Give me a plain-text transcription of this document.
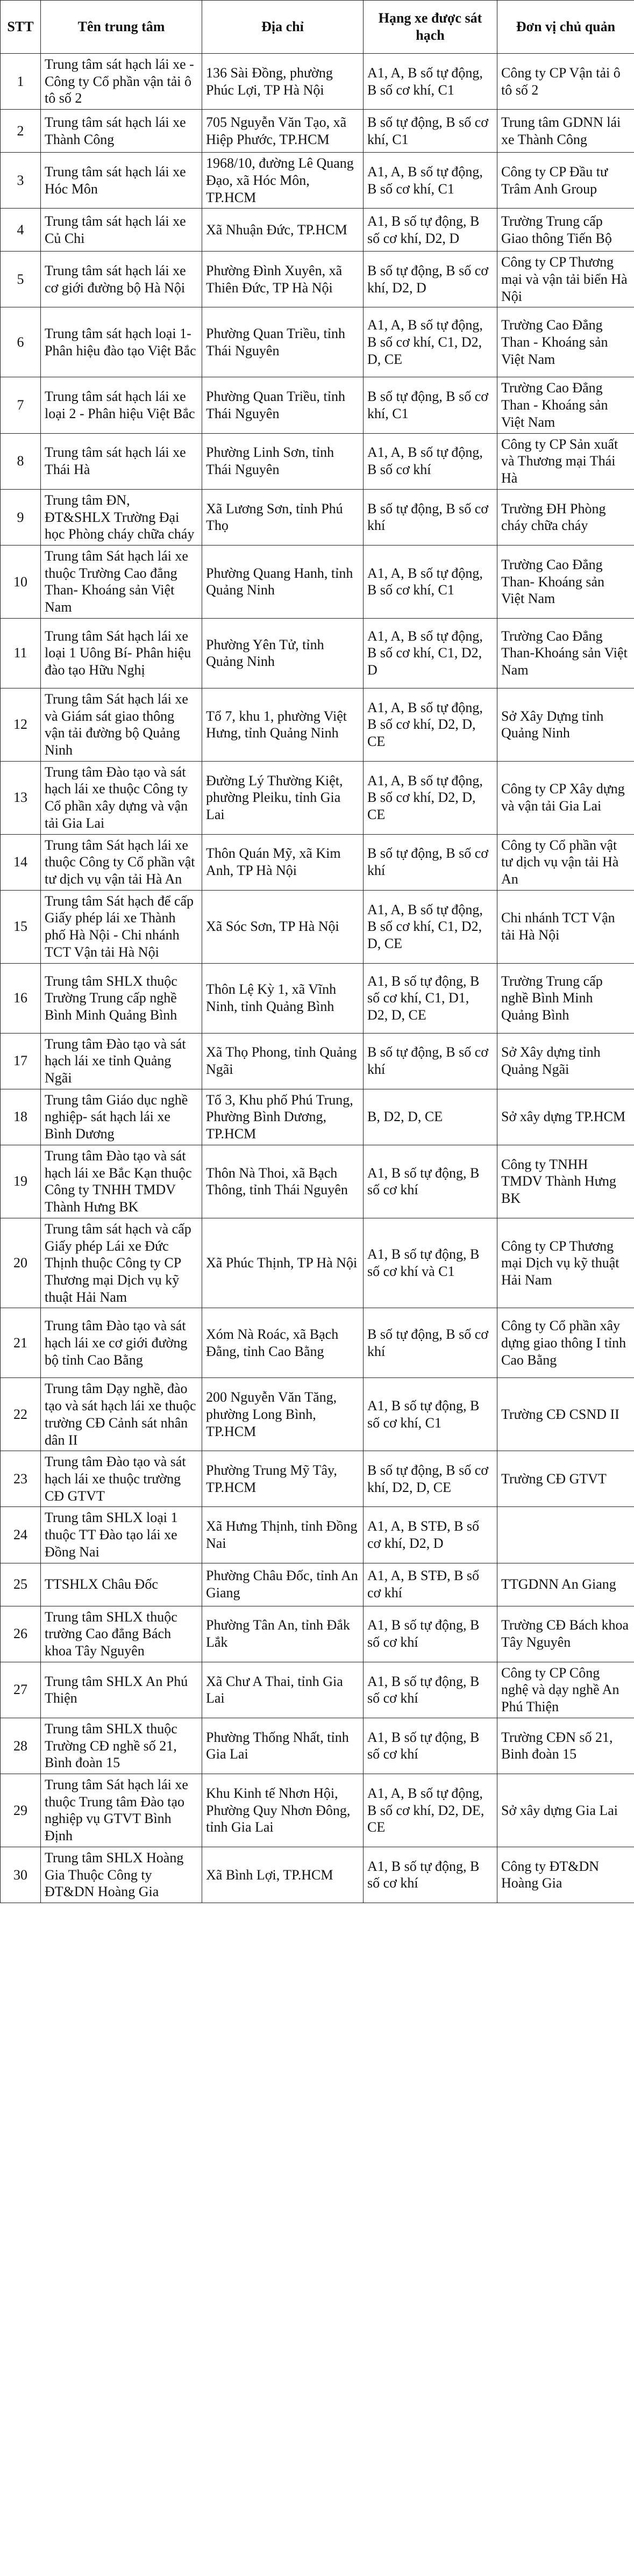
STT	Tên trung tâm	Địa chỉ	Hạng xe được sát hạch	Đơn vị chủ quản
1	Trung tâm sát hạch lái xe - Công ty Cổ phần vận tải ô tô số 2	136 Sài Đồng, phường Phúc Lợi, TP Hà Nội	A1, A, B số tự động, B số cơ khí, C1	Công ty CP Vận tải ô tô số 2
2	Trung tâm sát hạch lái xe Thành Công	705 Nguyễn Văn Tạo, xã Hiệp Phước, TP.HCM	B số tự động, B số cơ khí, C1	Trung tâm GDNN lái xe Thành Công
3	Trung tâm sát hạch lái xe Hóc Môn	1968/10, đường Lê Quang Đạo, xã Hóc Môn, TP.HCM	A1, A, B số tự động, B số cơ khí, C1	Công ty CP Đầu tư Trâm Anh Group
4	Trung tâm sát hạch lái xe Củ Chi	Xã Nhuận Đức, TP.HCM	A1, B số tự động, B số cơ khí, D2, D	Trường Trung cấp Giao thông Tiến Bộ
5	Trung tâm sát hạch lái xe cơ giới đường bộ Hà Nội	Phường Đình Xuyên, xã Thiên Đức, TP Hà Nội	B số tự động, B số cơ khí, D2, D	Công ty CP Thương mại và vận tải biển Hà Nội
6	Trung tâm sát hạch loại 1- Phân hiệu đào tạo Việt Bắc	Phường Quan Triều, tỉnh Thái Nguyên	A1, A, B số tự động, B số cơ khí, C1, D2, D, CE	Trường Cao Đẳng Than - Khoáng sản Việt Nam
7	Trung tâm sát hạch lái xe loại 2 - Phân hiệu Việt Bắc	Phường Quan Triều, tỉnh Thái Nguyên	B số tự động, B số cơ khí, C1	Trường Cao Đẳng Than - Khoáng sản Việt Nam
8	Trung tâm sát hạch lái xe Thái Hà	Phường Linh Sơn, tỉnh Thái Nguyên	A1, A, B số tự động, B số cơ khí	Công ty CP Sản xuất và Thương mại Thái Hà
9	Trung tâm ĐN, ĐT&SHLX Trường Đại học Phòng cháy chữa cháy	Xã Lương Sơn, tỉnh Phú Thọ	B số tự động, B số cơ khí	Trường ĐH Phòng cháy chữa cháy
10	Trung tâm Sát hạch lái xe thuộc Trường Cao đẳng Than- Khoáng sản Việt Nam	Phường Quang Hanh, tỉnh Quảng Ninh	A1, A, B số tự động, B số cơ khí, C1	Trường Cao Đẳng Than- Khoáng sản Việt Nam
11	Trung tâm Sát hạch lái xe loại 1 Uông Bí- Phân hiệu đào tạo Hữu Nghị	Phường Yên Tử, tỉnh Quảng Ninh	A1, A, B số tự động, B số cơ khí, C1, D2, D	Trường Cao Đẳng Than-Khoáng sản Việt Nam
12	Trung tâm Sát hạch lái xe và Giám sát giao thông vận tải đường bộ Quảng Ninh	Tổ 7, khu 1, phường Việt Hưng, tỉnh Quảng Ninh	A1, A, B số tự động, B số cơ khí, D2, D, CE	Sở Xây Dựng tỉnh Quảng Ninh
13	Trung tâm Đào tạo và sát hạch lái xe thuộc Công ty Cổ phần xây dựng và vận tải Gia Lai	Đường Lý Thường Kiệt, phường Pleiku, tỉnh Gia Lai	A1, A, B số tự động, B số cơ khí, D2, D, CE	Công ty CP Xây dựng và vận tải Gia Lai
14	Trung tâm Sát hạch lái xe thuộc Công ty Cổ phần vật tư dịch vụ vận tải Hà An	Thôn Quán Mỹ, xã Kim Anh, TP Hà Nội	B số tự động, B số cơ khí	Công ty Cổ phần vật tư dịch vụ vận tải Hà An
15	Trung tâm Sát hạch để cấp Giấy phép lái xe Thành phố Hà Nội - Chi nhánh TCT Vận tải Hà Nội	Xã Sóc Sơn, TP Hà Nội	A1, A, B số tự động, B số cơ khí, C1, D2, D, CE	Chi nhánh TCT Vận tải Hà Nội
16	Trung tâm SHLX thuộc Trường Trung cấp nghề Bình Minh Quảng Bình	Thôn Lệ Kỳ 1, xã Vĩnh Ninh, tỉnh Quảng Bình	A1, B số tự động, B số cơ khí, C1, D1, D2, D, CE	Trường Trung cấp nghề Bình Minh Quảng Bình
17	Trung tâm Đào tạo và sát hạch lái xe tỉnh Quảng Ngãi	Xã Thọ Phong, tỉnh Quảng Ngãi	B số tự động, B số cơ khí	Sở Xây dựng tỉnh Quảng Ngãi
18	Trung tâm Giáo dục nghề nghiệp- sát hạch lái xe Bình Dương	Tổ 3, Khu phố Phú Trung, Phường Bình Dương, TP.HCM	B, D2, D, CE	Sở xây dựng TP.HCM
19	Trung tâm Đào tạo và sát hạch lái xe Bắc Kạn thuộc Công ty TNHH TMDV Thành Hưng BK	Thôn Nà Thoi, xã Bạch Thông, tỉnh Thái Nguyên	A1, B số tự động, B số cơ khí	Công ty TNHH TMDV Thành Hưng BK
20	Trung tâm sát hạch và cấp Giấy phép Lái xe Đức Thịnh thuộc Công ty CP Thương mại Dịch vụ kỹ thuật Hải Nam	Xã Phúc Thịnh, TP Hà Nội	A1, B số tự động, B số cơ khí và C1	Công ty CP Thương mại Dịch vụ kỹ thuật Hải Nam
21	Trung tâm Đào tạo và sát hạch lái xe cơ giới đường bộ tỉnh Cao Bằng	Xóm Nà Roác, xã Bạch Đằng, tỉnh Cao Bằng	B số tự động, B số cơ khí	Công ty Cổ phần xây dựng giao thông I tỉnh Cao Bằng
22	Trung tâm Dạy nghề, đào tạo và sát hạch lái xe thuộc trường CĐ Cảnh sát nhân dân II	200 Nguyễn Văn Tăng, phường Long Bình, TP.HCM	A1, B số tự động, B số cơ khí, C1	Trường CĐ CSND II
23	Trung tâm Đào tạo và sát hạch lái xe thuộc trường CĐ GTVT	Phường Trung Mỹ Tây, TP.HCM	B số tự động, B số cơ khí, D2, D, CE	Trường CĐ GTVT
24	Trung tâm SHLX loại 1 thuộc TT Đào tạo lái xe Đồng Nai	Xã Hưng Thịnh, tỉnh Đồng Nai	A1, A, B STĐ, B số cơ khí, D2, D	
25	TTSHLX Châu Đốc	Phường Châu Đốc, tỉnh An Giang	A1, A, B STĐ, B số cơ khí	TTGDNN An Giang
26	Trung tâm SHLX thuộc trường Cao đẳng Bách khoa Tây Nguyên	Phường Tân An, tỉnh Đắk Lắk	A1, B số tự động, B số cơ khí	Trường CĐ Bách khoa Tây Nguyên
27	Trung tâm SHLX An Phú Thiện	Xã Chư A Thai, tỉnh Gia Lai	A1, B số tự động, B số cơ khí	Công ty CP Công nghệ và dạy nghề An Phú Thiện
28	Trung tâm SHLX thuộc Trường CĐ nghề số 21, Bình đoàn 15	Phường Thống Nhất, tỉnh Gia Lai	A1, B số tự động, B số cơ khí	Trường CĐN số 21, Binh đoàn 15
29	Trung tâm Sát hạch lái xe thuộc Trung tâm Đào tạo nghiệp vụ GTVT Bình Định	Khu Kinh tế Nhơn Hội, Phường Quy Nhơn Đông, tỉnh Gia Lai	A1, A, B số tự động, B số cơ khí, D2, DE, CE	Sở xây dựng Gia Lai
30	Trung tâm SHLX Hoàng Gia Thuộc Công ty ĐT&DN Hoàng Gia	Xã Bình Lợi, TP.HCM	A1, B số tự động, B số cơ khí	Công ty ĐT&DN Hoàng Gia
